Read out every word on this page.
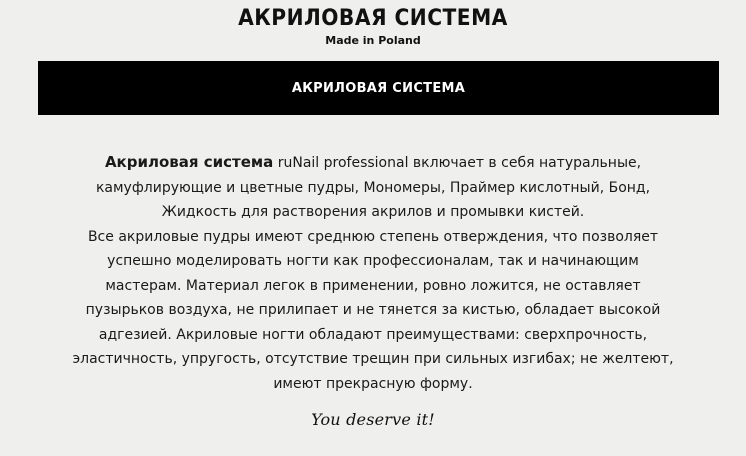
АКРИЛОВАЯ СИСТЕМА
Made in Poland
АКРИЛОВАЯ СИСТЕМА
Акриловая система ruNail professional включает в себя натуральные,
камуфлирующие и цветные пудры, Мономеры, Праймер кислотный, Бонд,
Жидкость для растворения акрилов и промывки кистей.
Все акриловые пудры имеют среднюю степень отверждения, что позволяет
успешно моделировать ногти как профессионалам, так и начинающим
мастерам. Материал легок в применении, ровно ложится, не оставляет
пузырьков воздуха, не прилипает и не тянется за кистью, обладает высокой
адгезией. Акриловые ногти обладают преимуществами: сверхпрочность,
эластичность, упругость, отсутствие трещин при сильных изгибах; не желтеют,
имеют прекрасную форму.
You deserve it!
